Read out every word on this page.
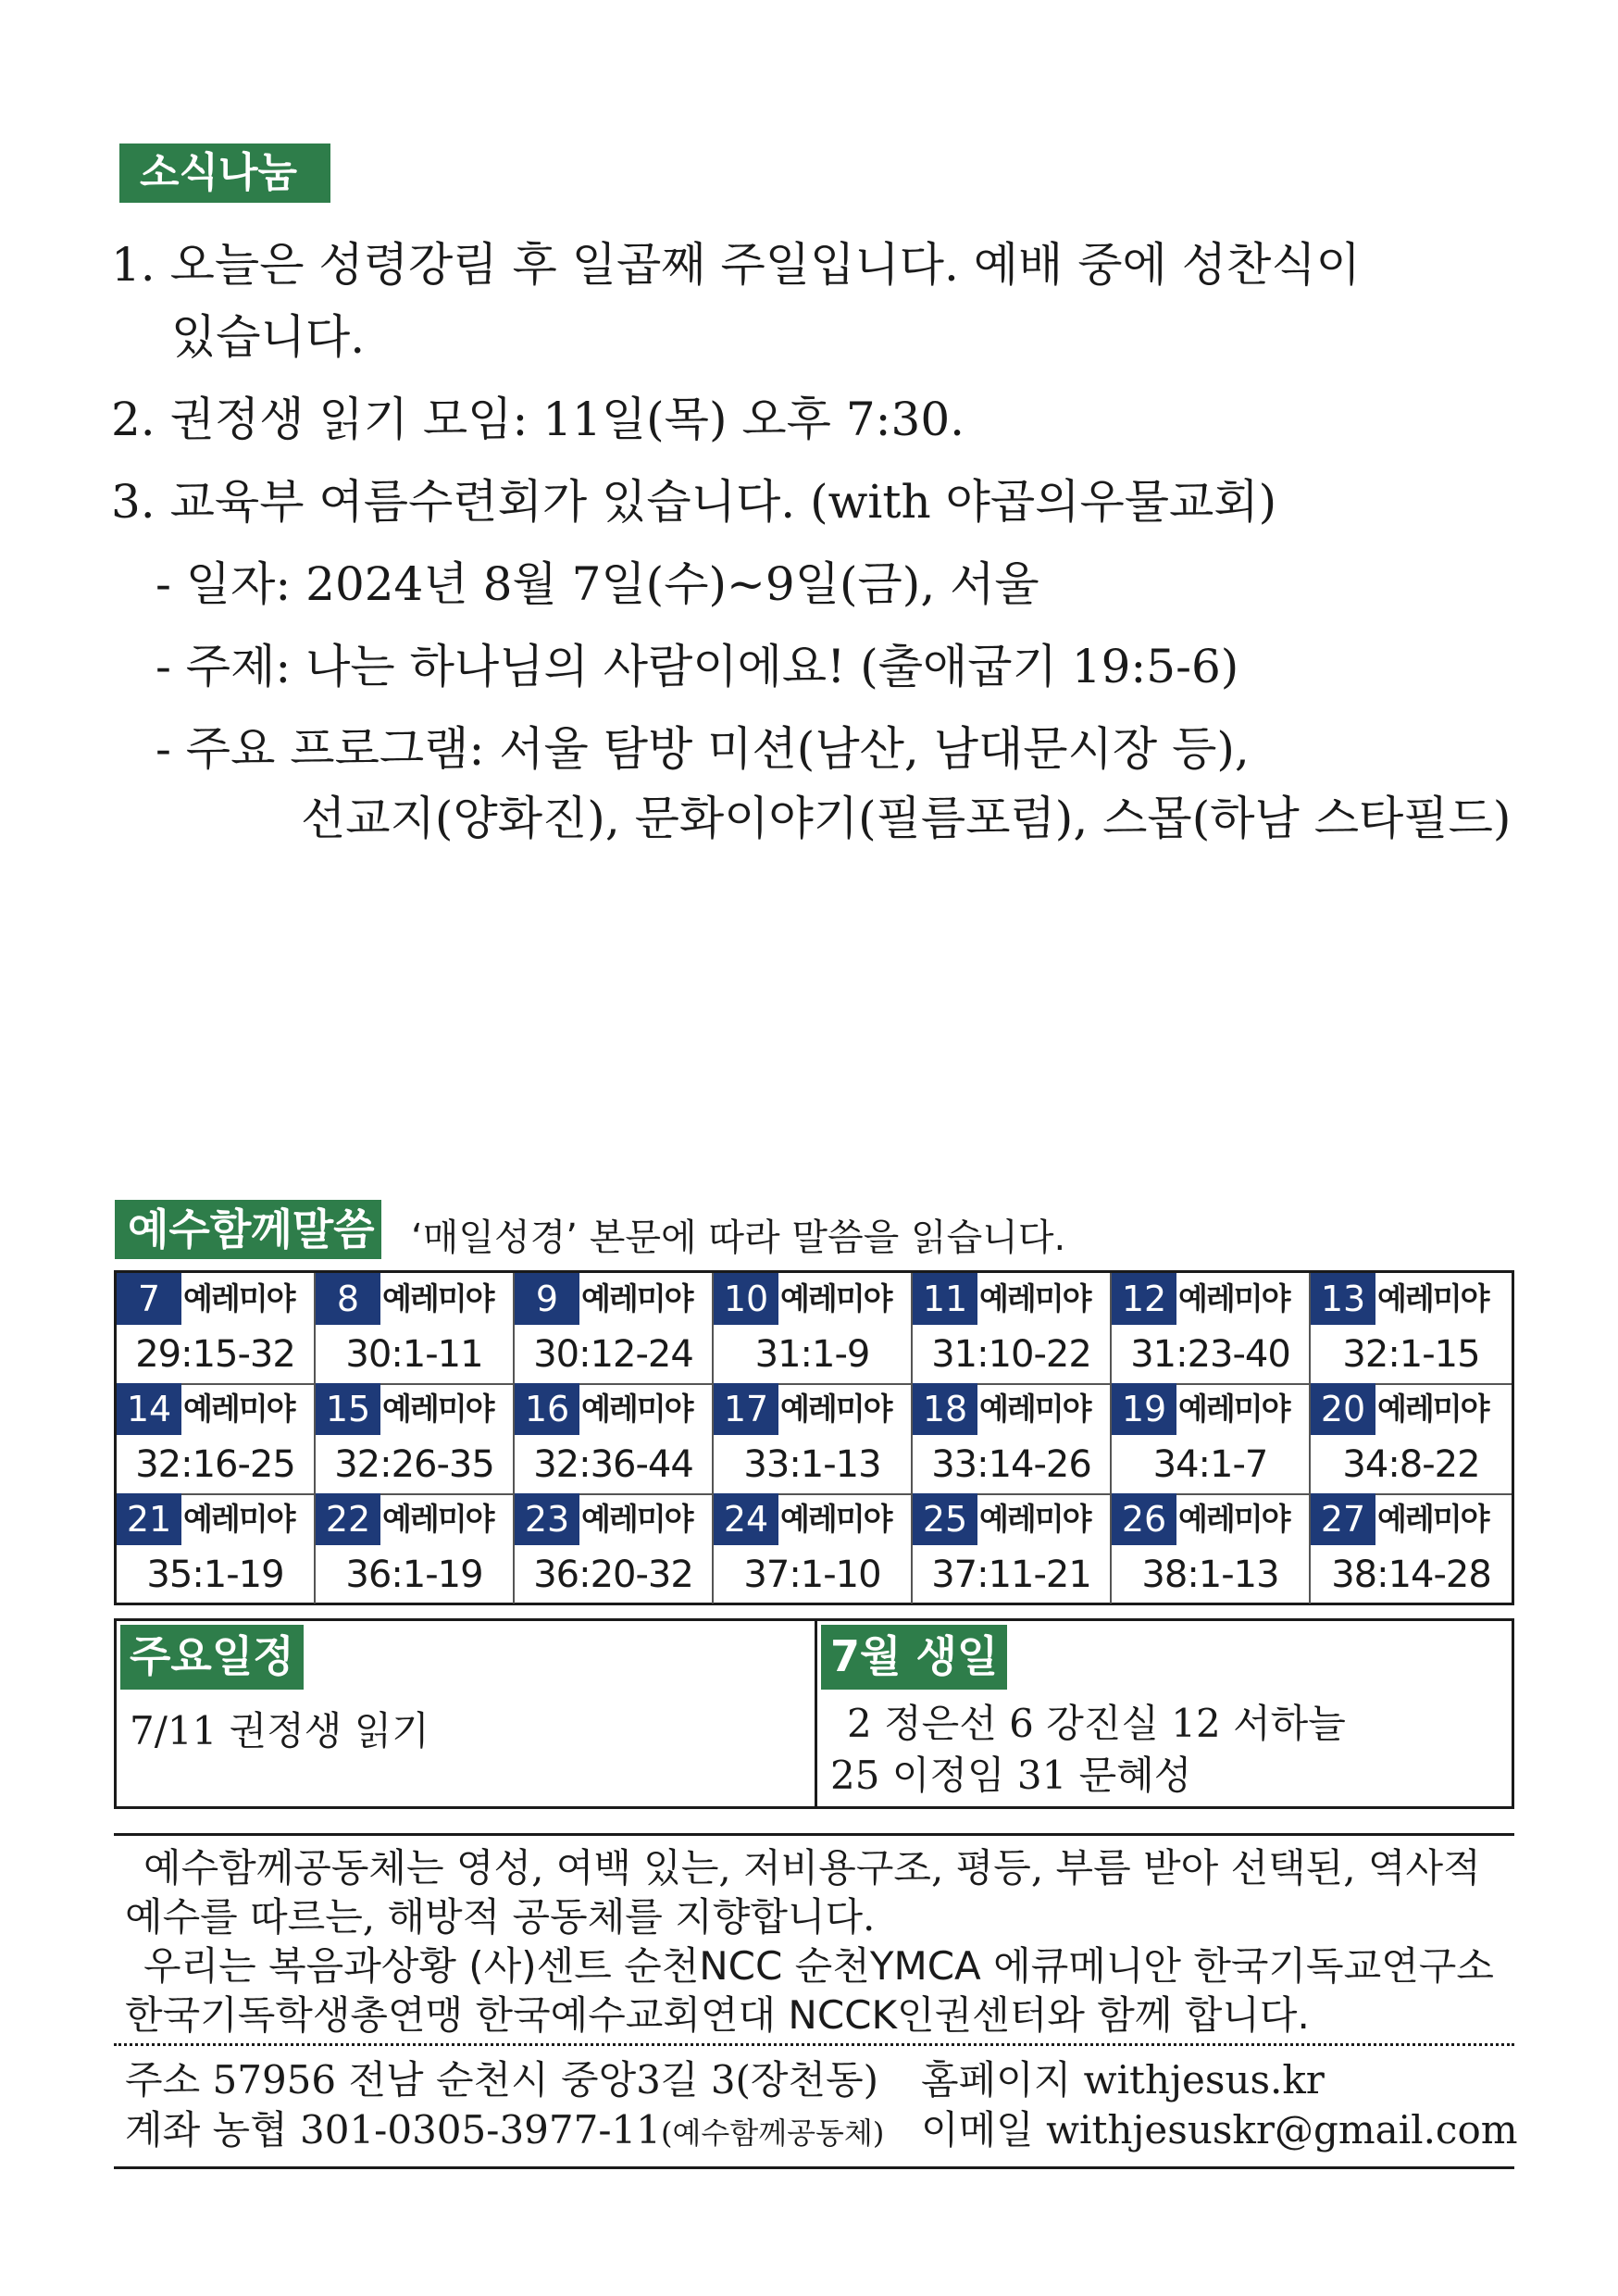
소식나눔
1. 오늘은 성령강림 후 일곱째 주일입니다. 예배 중에 성찬식이
있습니다.
2. 권정생 읽기 모임: 11일(목) 오후 7:30.
3. 교육부 여름수련회가 있습니다. (with 야곱의우물교회)
- 일자: 2024년 8월 7일(수)~9일(금), 서울
- 주제: 나는 하나님의 사람이에요! (출애굽기 19:5-6)
- 주요 프로그램: 서울 탐방 미션(남산, 남대문시장 등),
선교지(양화진), 문화이야기(필름포럼), 스몹(하남 스타필드)
예수함께말씀 ‘매일성경’ 본문에 따라 말씀을 읽습니다.
7 예레미야
29:15-32
8 예레미야
30:1-11
9 예레미야
30:12-24
10 예레미야
31:1-9
11 예레미야
31:10-22
12 예레미야
31:23-40
13 예레미야
32:1-15
14 예레미야
32:16-25
15 예레미야
32:26-35
16 예레미야
32:36-44
17 예레미야
33:1-13
18 예레미야
33:14-26
19 예레미야
34:1-7
20 예레미야
34:8-22
21 예레미야
35:1-19
22 예레미야
36:1-19
23 예레미야
36:20-32
24 예레미야
37:1-10
25 예레미야
37:11-21
26 예레미야
38:1-13
27 예레미야
38:14-28
주요일정
7/11 권정생 읽기
7월 생일
2 정은선 6 강진실 12 서하늘
25 이정임 31 문혜성
예수함께공동체는 영성, 여백 있는, 저비용구조, 평등, 부름 받아 선택된, 역사적
예수를 따르는, 해방적 공동체를 지향합니다.
우리는 복음과상황 (사)센트 순천NCC 순천YMCA 에큐메니안 한국기독교연구소
한국기독학생총연맹 한국예수교회연대 NCCK인권센터와 함께 합니다.
주소 57956 전남 순천시 중앙3길 3(장천동) 홈페이지 withjesus.kr
계좌 농협 301-0305-3977-11(예수함께공동체) 이메일 withjesuskr@gmail.com
